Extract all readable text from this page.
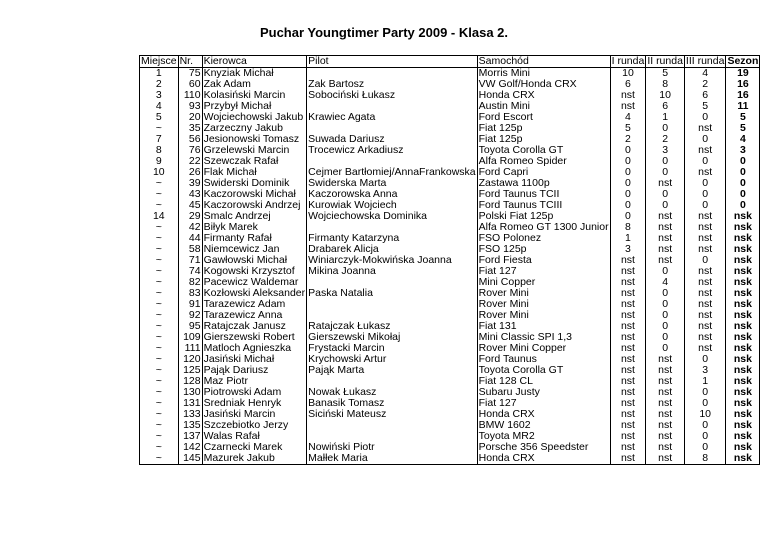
Puchar Youngtimer Party 2009 - Klasa 2.
Miejsce	Nr.	Kierowca	Pilot	Samochód	I runda	II runda	III runda	Sezon
1	75	Knyziak Michał		Morris Mini	10	5	4	19
2	60	Żak Adam	Żak Bartosz	VW Golf/Honda CRX	6	8	2	16
3	110	Kolasiński Marcin	Sobociński Łukasz	Honda CRX	nst	10	6	16
4	93	Przybył Michał		Austin Mini	nst	6	5	11
5	20	Wojciechowski Jakub	Krawiec Agata	Ford Escort	4	1	0	5
~	35	Zarzeczny Jakub		Fiat 125p	5	0	nst	5
7	56	Jesionowski Tomasz	Suwada Dariusz	Fiat 125p	2	2	0	4
8	76	Grzelewski Marcin	Trocewicz Arkadiusz	Toyota Corolla GT	0	3	nst	3
9	22	Szewczak Rafał		Alfa Romeo Spider	0	0	0	0
10	26	Flak Michał	Cejmer Bartłomiej/AnnaFrankowska	Ford Capri	0	0	nst	0
~	39	Świderski Dominik	Świderska Marta	Zastawa 1100p	0	nst	0	0
~	43	Kaczorowski Michał	Kaczorowska Anna	Ford Taunus TCII	0	0	0	0
~	45	Kaczorowski Andrzej	Kurowiak Wojciech	Ford Taunus TCIII	0	0	0	0
14	29	Smalc Andrzej	Wojciechowska Dominika	Polski Fiat 125p	0	nst	nst	nsk
~	42	Biłyk Marek		Alfa Romeo GT 1300 Junior	8	nst	nst	nsk
~	44	Firmanty Rafał	Firmanty Katarzyna	FSO Polonez	1	nst	nst	nsk
~	58	Niemcewicz Jan	Drabarek Alicja	FSO 125p	3	nst	nst	nsk
~	71	Gawłowski Michał	Winiarczyk-Mokwińska Joanna	Ford Fiesta	nst	nst	0	nsk
~	74	Kogowski Krzysztof	Mikina Joanna	Fiat 127	nst	0	nst	nsk
~	82	Pacewicz Waldemar		Mini Copper	nst	4	nst	nsk
~	83	Kozłowski Aleksander	Paska Natalia	Rover Mini	nst	0	nst	nsk
~	91	Tarazewicz Adam		Rover Mini	nst	0	nst	nsk
~	92	Tarazewicz Anna		Rover Mini	nst	0	nst	nsk
~	95	Ratajczak Janusz	Ratajczak Łukasz	Fiat 131	nst	0	nst	nsk
~	109	Gierszewski Robert	Gierszewski Mikołaj	Mini Classic SPI 1,3	nst	0	nst	nsk
~	111	Matloch Agnieszka	Frystacki Marcin	Rover Mini Copper	nst	0	nst	nsk
~	120	Jasiński Michał	Krychowski Artur	Ford Taunus	nst	nst	0	nsk
~	125	Pająk Dariusz	Pająk Marta	Toyota Corolla GT	nst	nst	3	nsk
~	128	Maz Piotr		Fiat 128 CL	nst	nst	1	nsk
~	130	Piotrowski Adam	Nowak Łukasz	Subaru Justy	nst	nst	0	nsk
~	131	Średniak Henryk	Banasik Tomasz	Fiat 127	nst	nst	0	nsk
~	133	Jasiński Marcin	Siciński Mateusz	Honda CRX	nst	nst	10	nsk
~	135	Szczebiotko Jerzy		BMW 1602	nst	nst	0	nsk
~	137	Walas Rafał		Toyota MR2	nst	nst	0	nsk
~	142	Czarnecki Marek	Nowiński Piotr	Porsche 356 Speedster	nst	nst	0	nsk
~	145	Mazurek Jakub	Małłek Maria	Honda CRX	nst	nst	8	nsk
